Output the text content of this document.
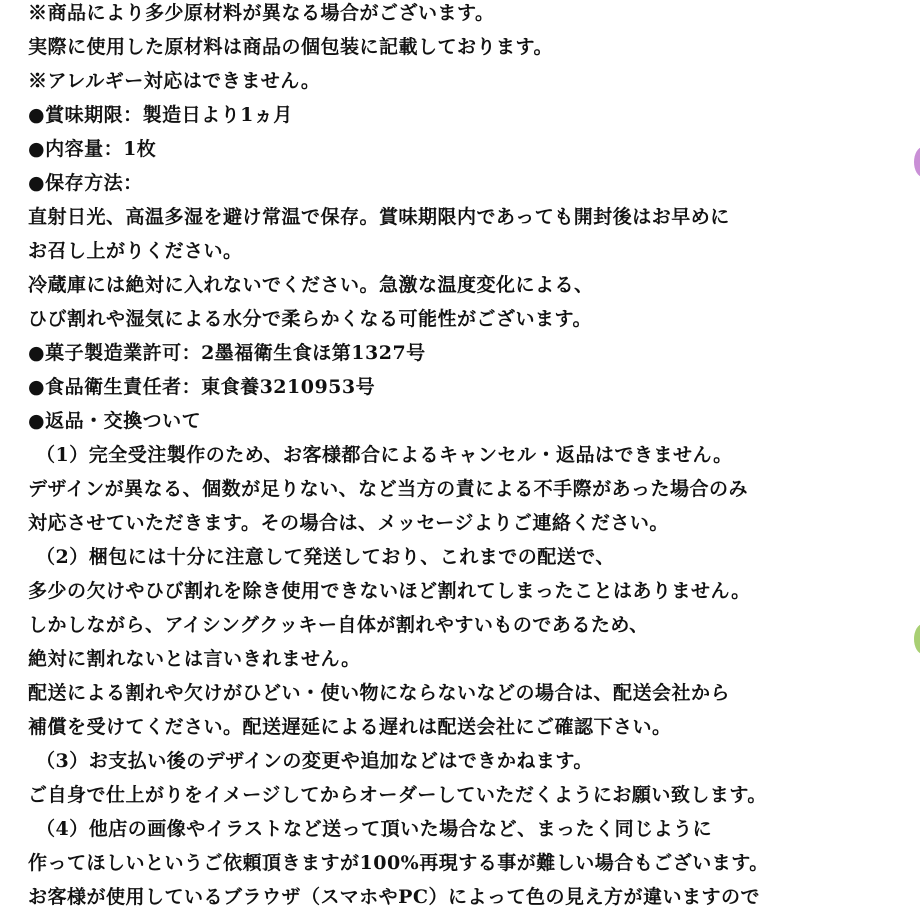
※商品により多少原材料が異なる場合がございます。
実際に使用した原材料は商品の個包装に記載しております。
※アレルギー対応はできません。
●賞味期限：製造日より1ヵ月
●内容量：1枚
●保存方法：
直射日光、高温多湿を避け常温で保存。賞味期限内であっても開封後はお早めに
お召し上がりください。
冷蔵庫には絶対に入れないでください。急激な温度変化による、
ひび割れや湿気による水分で柔らかくなる可能性がございます。
●菓子製造業許可：2墨福衛生食ほ第1327号
●食品衛生責任者：東食養3210953号
●返品・交換ついて
（1）完全受注製作のため、お客様都合によるキャンセル・返品はできません。
デザインが異なる、個数が足りない、など当方の責による不手際があった場合のみ
対応させていただきます。その場合は、メッセージよりご連絡ください。
（2）梱包には十分に注意して発送しており、これまでの配送で、
多少の欠けやひび割れを除き使用できないほど割れてしまったことはありません。
しかしながら、アイシングクッキー自体が割れやすいものであるため、
絶対に割れないとは言いきれません。
配送による割れや欠けがひどい・使い物にならないなどの場合は、配送会社から
補償を受けてください。配送遅延による遅れは配送会社にご確認下さい。
（3）お支払い後のデザインの変更や追加などはできかねます。
ご自身で仕上がりをイメージしてからオーダーしていただくようにお願い致します。
（4）他店の画像やイラストなど送って頂いた場合など、まったく同じように
作ってほしいというご依頼頂きますが100%再現する事が難しい場合もございます。
お客様が使用しているブラウザ（スマホやPC）によって色の見え方が違いますので
